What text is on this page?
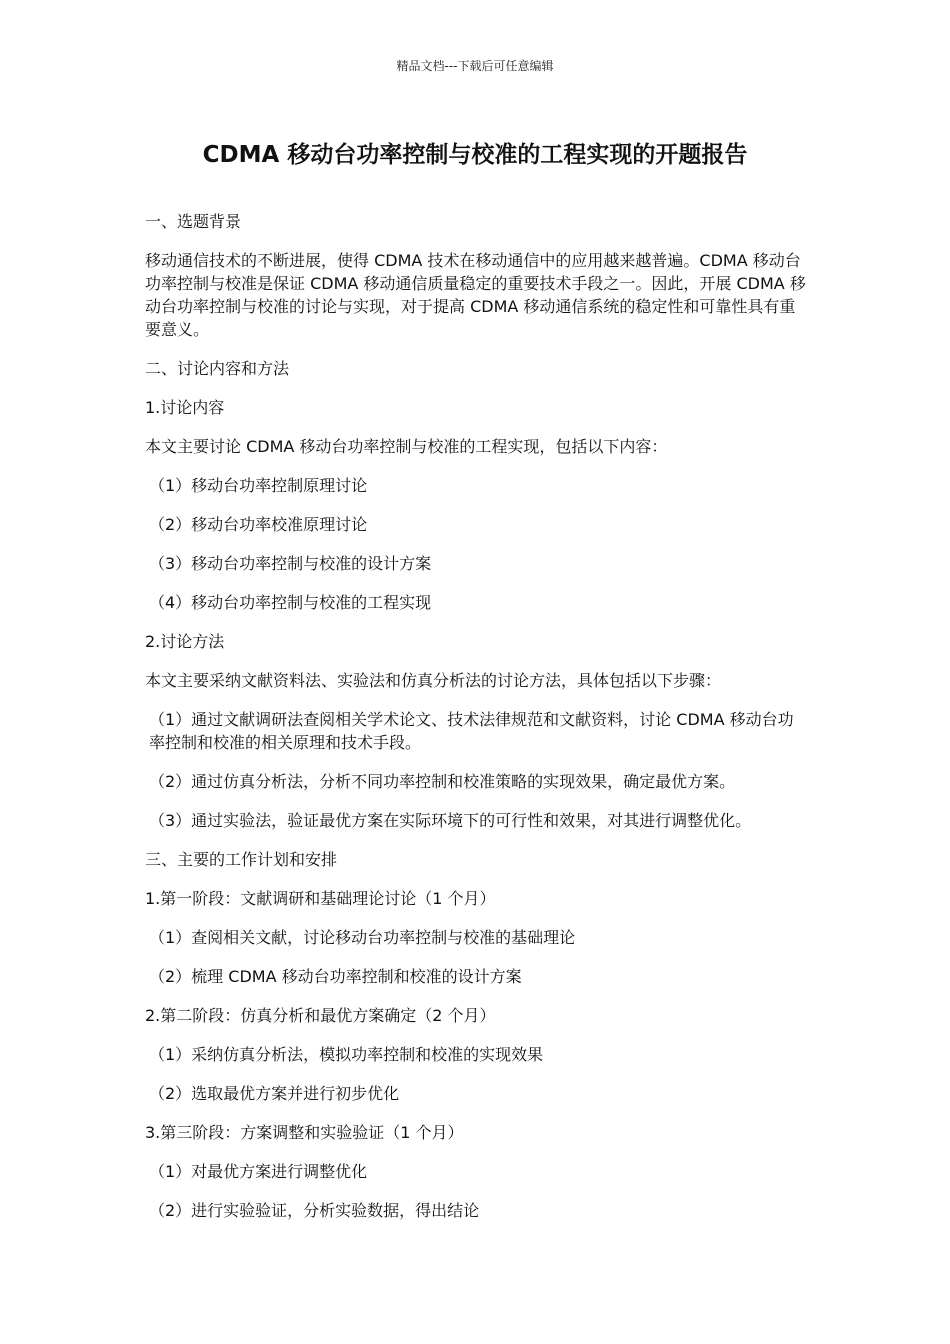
精品文档---下载后可任意编辑
CDMA 移动台功率控制与校准的工程实现的开题报告

一、选题背景

移动通信技术的不断进展，使得 CDMA 技术在移动通信中的应用越来越普遍。CDMA 移动台功率控制与校准是保证 CDMA 移动通信质量稳定的重要技术手段之一。因此，开展 CDMA 移动台功率控制与校准的讨论与实现，对于提高 CDMA 移动通信系统的稳定性和可靠性具有重要意义。

二、讨论内容和方法

1.讨论内容

本文主要讨论 CDMA 移动台功率控制与校准的工程实现，包括以下内容：

（1）移动台功率控制原理讨论

（2）移动台功率校准原理讨论

（3）移动台功率控制与校准的设计方案

（4）移动台功率控制与校准的工程实现

2.讨论方法

本文主要采纳文献资料法、实验法和仿真分析法的讨论方法，具体包括以下步骤：

（1）通过文献调研法查阅相关学术论文、技术法律规范和文献资料，讨论 CDMA 移动台功率控制和校准的相关原理和技术手段。

（2）通过仿真分析法，分析不同功率控制和校准策略的实现效果，确定最优方案。

（3）通过实验法，验证最优方案在实际环境下的可行性和效果，对其进行调整优化。

三、主要的工作计划和安排

1.第一阶段：文献调研和基础理论讨论（1 个月）

（1）查阅相关文献，讨论移动台功率控制与校准的基础理论

（2）梳理 CDMA 移动台功率控制和校准的设计方案

2.第二阶段：仿真分析和最优方案确定（2 个月）

（1）采纳仿真分析法，模拟功率控制和校准的实现效果

（2）选取最优方案并进行初步优化

3.第三阶段：方案调整和实验验证（1 个月）

（1）对最优方案进行调整优化

（2）进行实验验证，分析实验数据，得出结论
